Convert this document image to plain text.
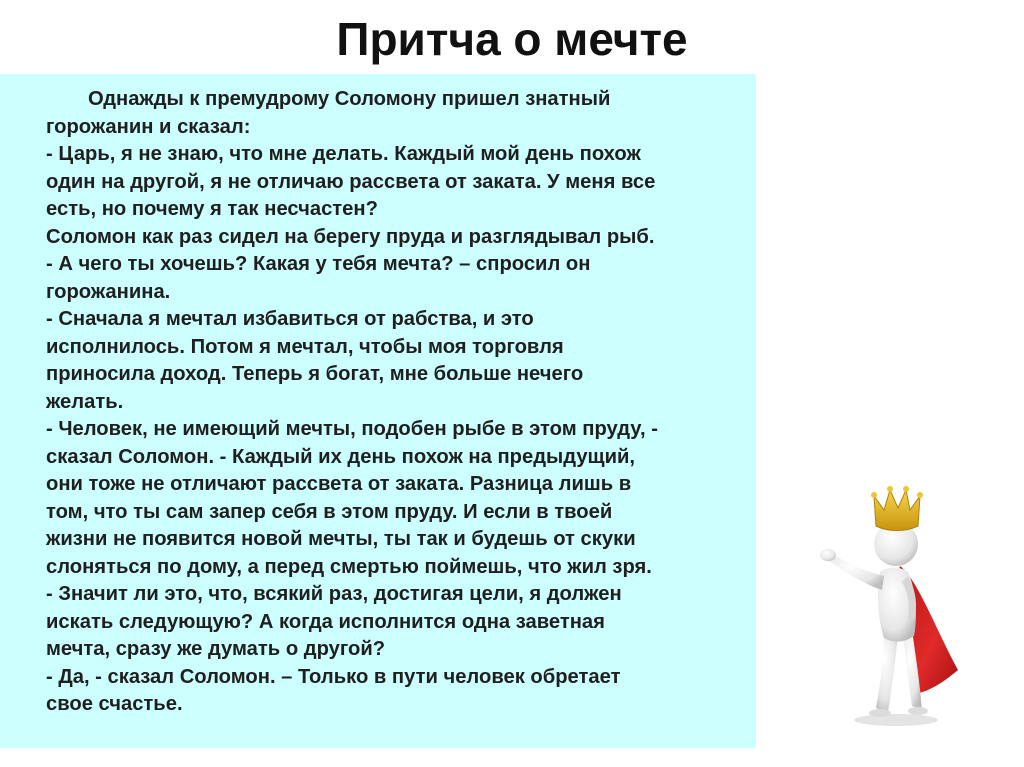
Притча о мечте

Однажды к премудрому Соломону пришел знатный
горожанин и сказал:
- Царь, я не знаю, что мне делать. Каждый мой день похож
один на другой, я не отличаю рассвета от заката. У меня все
есть, но почему я так несчастен?
Соломон как раз сидел на берегу пруда и разглядывал рыб.
- А чего ты хочешь? Какая у тебя мечта? – спросил он
горожанина.
- Сначала я мечтал избавиться от рабства, и это
исполнилось. Потом я мечтал, чтобы моя торговля
приносила доход. Теперь я богат, мне больше нечего
желать.
- Человек, не имеющий мечты, подобен рыбе в этом пруду, -
сказал Соломон. - Каждый их день похож на предыдущий,
они тоже не отличают рассвета от заката. Разница лишь в
том, что ты сам запер себя в этом пруду. И если в твоей
жизни не появится новой мечты, ты так и будешь от скуки
слоняться по дому, а перед смертью поймешь, что жил зря.
- Значит ли это, что, всякий раз, достигая цели, я должен
искать следующую? А когда исполнится одна заветная
мечта, сразу же думать о другой?
- Да, - сказал Соломон. – Только в пути человек обретает
свое счастье.
